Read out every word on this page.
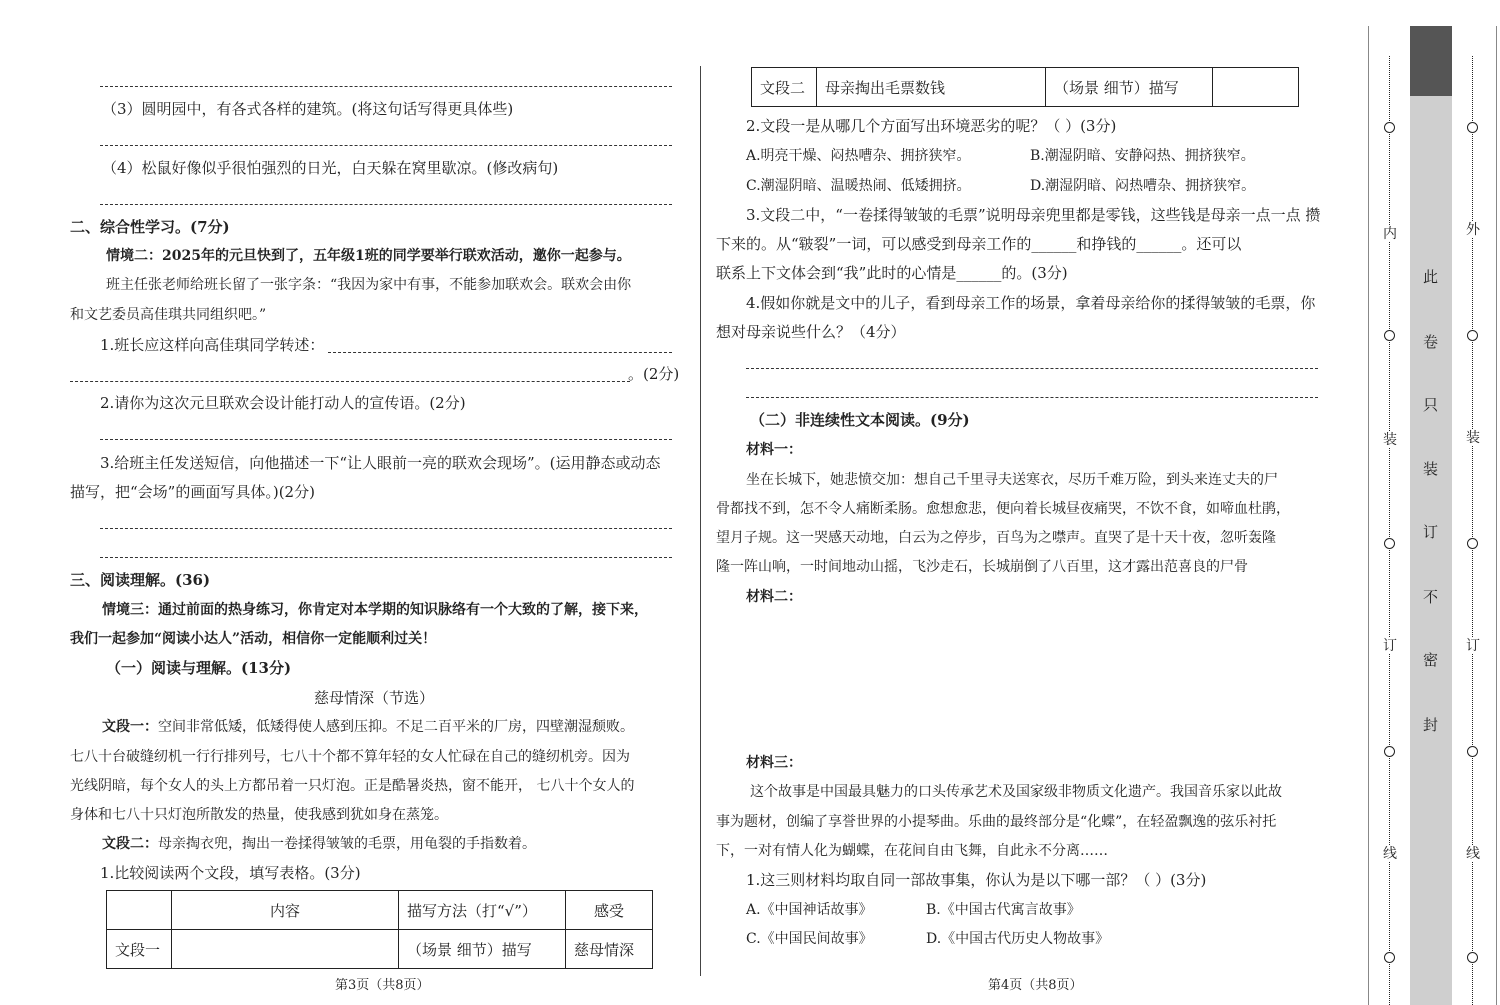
（3）圆明园中，有各式各样的建筑。(将这句话写得更具体些)
（4）松鼠好像似乎很怕强烈的日光，白天躲在窝里歇凉。(修改病句)
二、综合性学习。(7分)
情境二：2025年的元旦快到了，五年级1班的同学要举行联欢活动，邀你一起参与。
班主任张老师给班长留了一张字条：“我因为家中有事，不能参加联欢会。联欢会由你
和文艺委员高佳琪共同组织吧。”
1.班长应这样向高佳琪同学转述：
。(2分)
2.请你为这次元旦联欢会设计能打动人的宣传语。(2分)
3.给班主任发送短信，向他描述一下“让人眼前一亮的联欢会现场”。(运用静态或动态
描写，把“会场”的画面写具体。)(2分)
三、阅读理解。(36)
情境三：通过前面的热身练习，你肯定对本学期的知识脉络有一个大致的了解，接下来，
我们一起参加“阅读小达人”活动，相信你一定能顺利过关！
（一）阅读与理解。(13分)
慈母情深（节选）
文段一：空间非常低矮，低矮得使人感到压抑。不足二百平米的厂房，四壁潮湿颓败。
七八十台破缝纫机一行行排列号，七八十个都不算年轻的女人忙碌在自己的缝纫机旁。因为
光线阴暗，每个女人的头上方都吊着一只灯泡。正是酷暑炎热，窗不能开， 七八十个女人的
身体和七八十只灯泡所散发的热量，使我感到犹如身在蒸笼。
文段二：母亲掏衣兜，掏出一卷揉得皱皱的毛票，用龟裂的手指数着。
1.比较阅读两个文段，填写表格。(3分)
	内容	描写方法（打“√”）	感受
文段一		（场景 细节）描写	慈母情深
第3页（共8页）
文段二	母亲掏出毛票数钱	（场景 细节）描写	
2.文段一是从哪几个方面写出环境恶劣的呢？（ ）(3分)
A.明亮干燥、闷热嘈杂、拥挤狭窄。	B.潮湿阴暗、安静闷热、拥挤狭窄。
C.潮湿阴暗、温暖热闹、低矮拥挤。	D.潮湿阴暗、闷热嘈杂、拥挤狭窄。
3.文段二中，“一卷揉得皱皱的毛票”说明母亲兜里都是零钱，这些钱是母亲一点一点 攒
下来的。从“皲裂”一词，可以感受到母亲工作的______和挣钱的______。还可以
联系上下文体会到“我”此时的心情是______的。(3分)
4.假如你就是文中的儿子，看到母亲工作的场景，拿着母亲给你的揉得皱皱的毛票，你
想对母亲说些什么？（4分）
（二）非连续性文本阅读。(9分)
材料一：
坐在长城下，她悲愤交加：想自己千里寻夫送寒衣，尽历千难万险，到头来连丈夫的尸
骨都找不到，怎不令人痛断柔肠。愈想愈悲，便向着长城昼夜痛哭，不饮不食，如啼血杜鹃，
望月子规。这一哭感天动地，白云为之停步，百鸟为之噤声。直哭了是十天十夜，忽听轰隆
隆一阵山响，一时间地动山摇，飞沙走石，长城崩倒了八百里，这才露出范喜良的尸骨
材料二：
材料三：
这个故事是中国最具魅力的口头传承艺术及国家级非物质文化遗产。我国音乐家以此故
事为题材，创编了享誉世界的小提琴曲。乐曲的最终部分是“化蝶”，在轻盈飘逸的弦乐衬托
下，一对有情人化为蝴蝶，在花间自由飞舞，自此永不分离……
1.这三则材料均取自同一部故事集，你认为是以下哪一部？（ ）(3分)
A.《中国神话故事》	B.《中国古代寓言故事》
C.《中国民间故事》	D.《中国古代历史人物故事》
第4页（共8页）
内
装
订
线
此
卷
只
装
订
不
密
封
外
装
订
线
